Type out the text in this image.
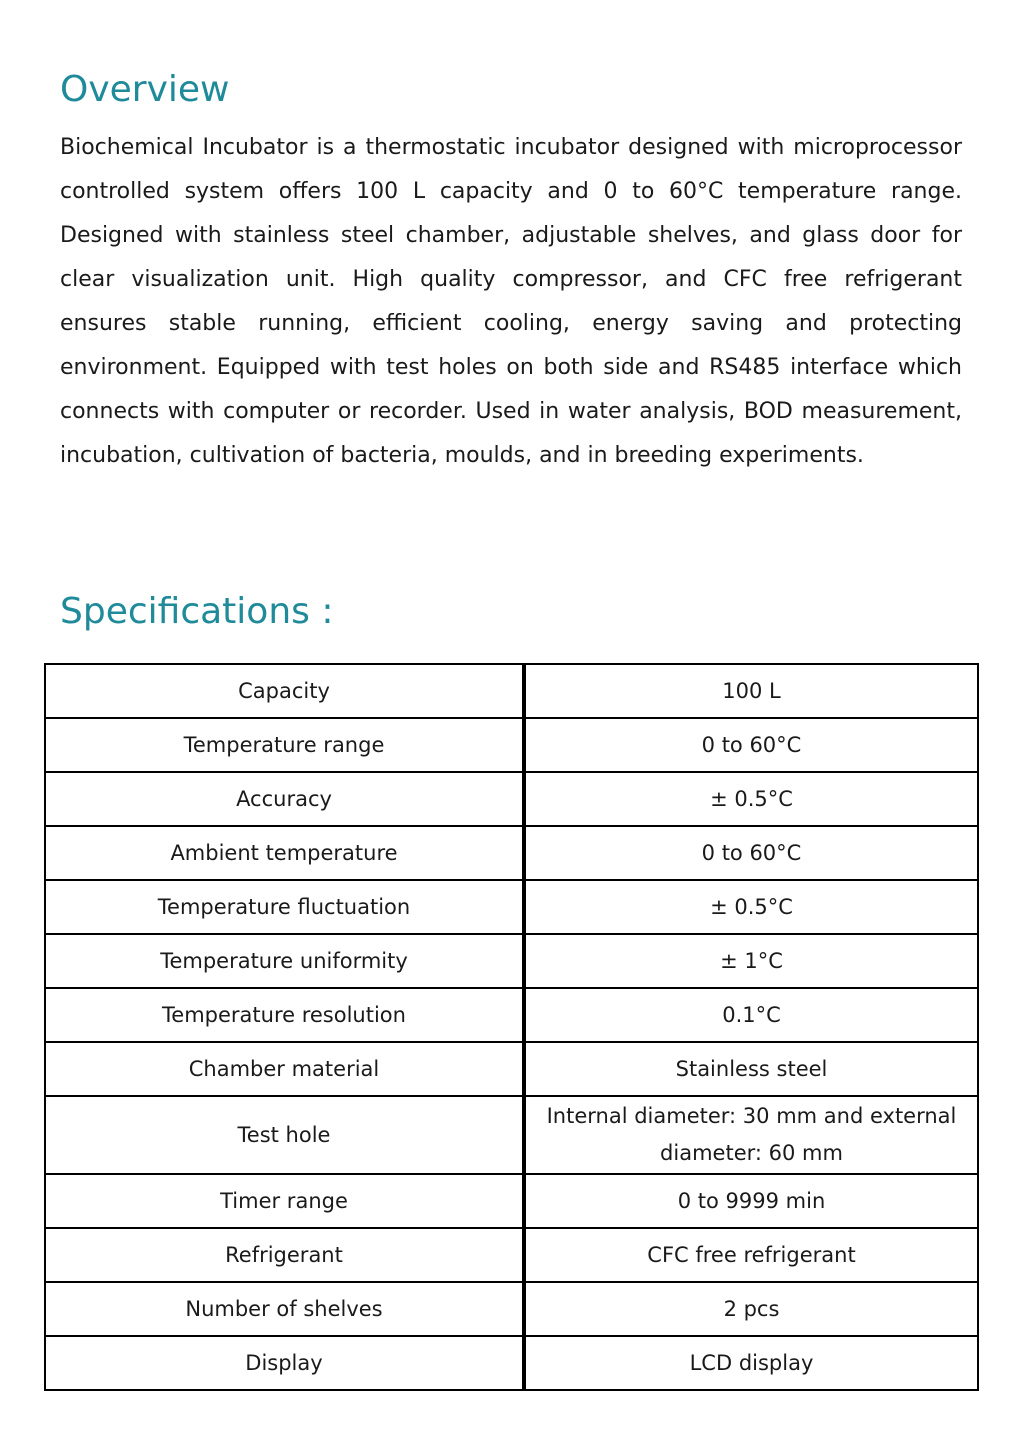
Overview

Biochemical Incubator is a thermostatic incubator designed with microprocessor controlled system offers 100 L capacity and 0 to 60°C temperature range. Designed with stainless steel chamber, adjustable shelves, and glass door for clear visualization unit. High quality compressor, and CFC free refrigerant ensures stable running, efficient cooling, energy saving and protecting environment. Equipped with test holes on both side and RS485 interface which connects with computer or recorder. Used in water analysis, BOD measurement, incubation, cultivation of bacteria, moulds, and in breeding experiments.

Specifications :
Capacity	100 L
Temperature range	0 to 60°C
Accuracy	± 0.5°C
Ambient temperature	0 to 60°C
Temperature fluctuation	± 0.5°C
Temperature uniformity	± 1°C
Temperature resolution	0.1°C
Chamber material	Stainless steel
Test hole	Internal diameter: 30 mm and external diameter: 60 mm
Timer range	0 to 9999 min
Refrigerant	CFC free refrigerant
Number of shelves	2 pcs
Display	LCD display
